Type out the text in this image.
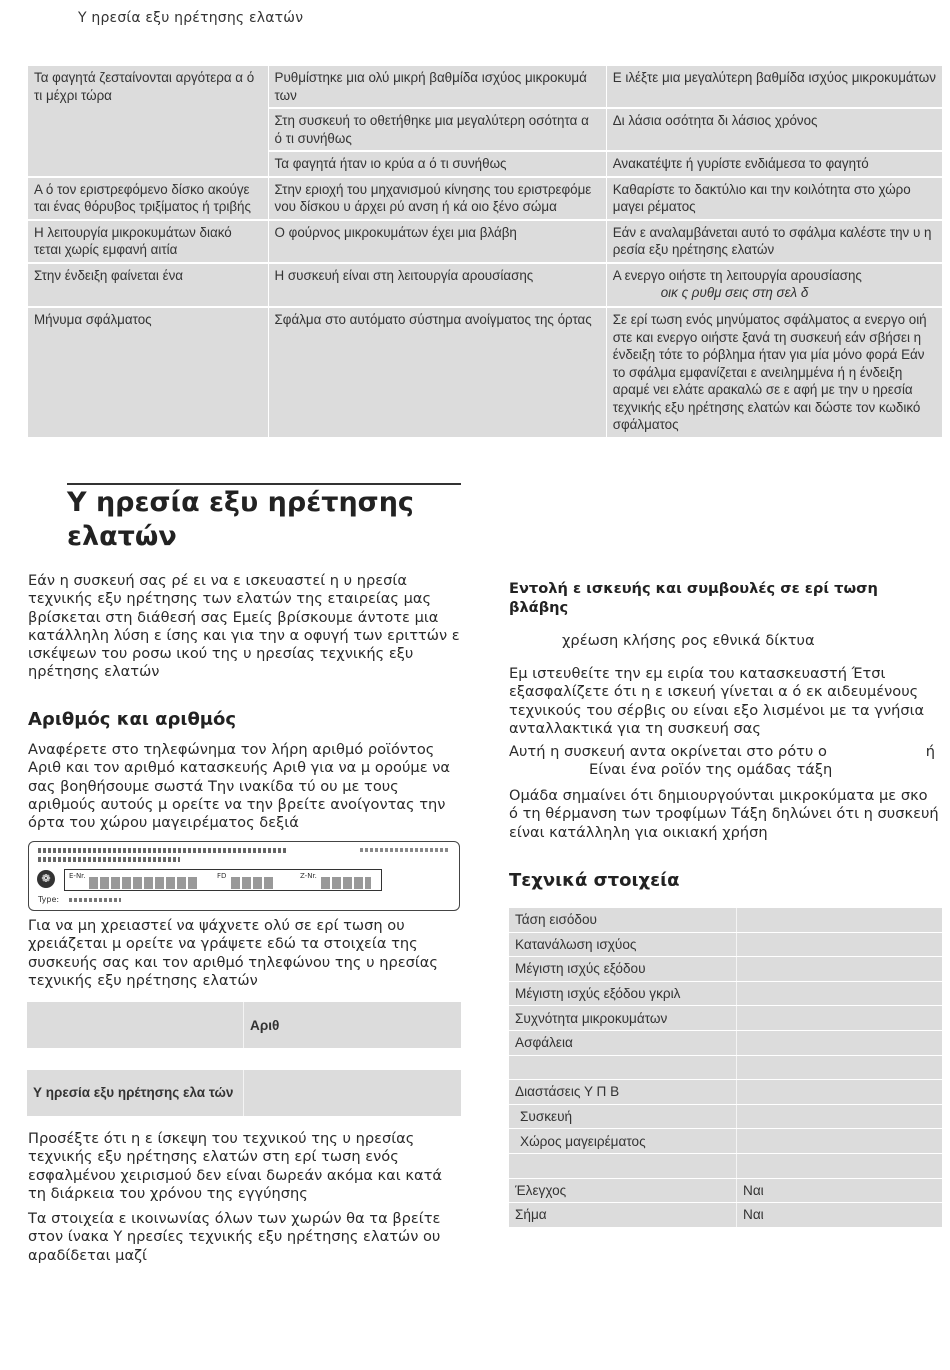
Υ ηρεσία εξυ ηρέτησης ελατών
Τα φαγητά ζεσταίνονται αργότερα α ό τι μέχρι τώρα	Ρυθμίστηκε μια ολύ μικρή βαθμίδα ισχύος μικροκυμά των	Ε ιλέξτε μια μεγαλύτερη βαθμίδα ισχύος μικροκυμάτων
	Στη συσκευή το οθετήθηκε μια μεγαλύτερη οσότητα α ό τι συνήθως	Δι λάσια οσότητα δι λάσιος χρόνος
	Τα φαγητά ήταν ιο κρύα α ό τι συνήθως	Ανακατέψτε ή γυρίστε ενδιάμεσα το φαγητό
Α ό τον εριστρεφόμενο δίσκο ακούγε ται ένας θόρυβος τριξίματος ή τριβής	Στην εριοχή του μηχανισμού κίνησης του εριστρεφόμε νου δίσκου υ άρχει ρύ ανση ή κά οιο ξένο σώμα	Καθαρίστε το δακτύλιο και την κοιλότητα στο χώρο μαγει ρέματος
Η λειτουργία μικροκυμάτων διακό τεται χωρίς εμφανή αιτία	Ο φούρνος μικροκυμάτων έχει μια βλάβη	Εάν ε αναλαμβάνεται αυτό το σφάλμα καλέστε την υ η ρεσία εξυ ηρέτησης ελατών
Στην ένδειξη φαίνεται ένα	Η συσκευή είναι στη λειτουργία αρουσίασης	Α ενεργο οιήστε τη λειτουργία αρουσίασης
οικ ς ρυθμ σεις στη σελ δ

Μήνυμα σφάλματος	Σφάλμα στο αυτόματο σύστημα ανοίγματος της όρτας	Σε ερί τωση ενός μηνύματος σφάλματος α ενεργο οιή στε και ενεργο οιήστε ξανά τη συσκευή εάν σβήσει η ένδειξη τότε το ρόβλημα ήταν για μία μόνο φορά Εάν το σφάλμα εμφανίζεται ε ανειλημμένα ή η ένδειξη αραμέ νει ελάτε αρακαλώ σε ε αφή με την υ ηρεσία τεχνικής εξυ ηρέτησης ελατών και δώστε τον κωδικό σφάλματος
Υ ηρεσία εξυ ηρέτησης ελατών
Εάν η συσκευή σας ρέ ει να ε ισκευαστεί η υ ηρεσία τεχνικής εξυ ηρέτησης των ελατών της εταιρείας μας βρίσκεται στη διάθεσή σας Εμείς βρίσκουμε άντοτε μια κατάλληλη λύση ε ίσης και για την α οφυγή των εριττών ε ισκέψεων του ροσω ικού της υ ηρεσίας τεχνικής εξυ ηρέτησης ελατών
Αριθμός και αριθμός
Αναφέρετε στο τηλεφώνημα τον λήρη αριθμό ροϊόντος Αριθ και τον αριθμό κατασκευής Αριθ για να μ ορούμε να σας βοηθήσουμε σωστά Την ινακίδα τύ ου με τους αριθμούς αυτούς μ ορείτε να την βρείτε ανοίγοντας την όρτα του χώρου μαγειρέματος δεξιά
❁	E-Nr.	FD	Z-Nr.
Type:
Για να μη χρειαστεί να ψάχνετε ολύ σε ερί τωση ου χρειάζεται μ ορείτε να γράψετε εδώ τα στοιχεία της συσκευής σας και τον αριθμό τηλεφώνου της υ ηρεσίας τεχνικής εξυ ηρέτησης ελατών
	Αριθ
Υ ηρεσία εξυ ηρέτησης ελα τών	
Προσέξτε ότι η ε ίσκεψη του τεχνικού της υ ηρεσίας τεχνικής εξυ ηρέτησης ελατών στη ερί τωση ενός εσφαλμένου χειρισμού δεν είναι δωρεάν ακόμα και κατά τη διάρκεια του χρόνου της εγγύησης
Τα στοιχεία ε ικοινωνίας όλων των χωρών θα τα βρείτε στον ίνακα Υ ηρεσίες τεχνικής εξυ ηρέτησης ελατών ου αραδίδεται μαζί
Εντολή ε ισκευής και συμβουλές σε ερί τωση βλάβης
χρέωση κλήσης ρος εθνικά δίκτυα
Εμ ιστευθείτε την εμ ειρία του κατασκευαστή Έτσι εξασφαλίζετε ότι η ε ισκευή γίνεται α ό εκ αιδευμένους τεχνικούς του σέρβις ου είναι εξο λισμένοι με τα γνήσια ανταλλακτικά για τη συσκευή σας
Αυτή η συσκευή αντα οκρίνεται στο ρότυ ο	ή

Είναι ένα ροϊόν της ομάδας τάξη
Ομάδα σημαίνει ότι δημιουργούνται μικροκύματα με σκο ό τη θέρμανση των τροφίμων Τάξη δηλώνει ότι η συσκευή είναι κατάλληλη για οικιακή χρήση
Τεχνικά στοιχεία
Τάση εισόδου	
Κατανάλωση ισχύος	
Μέγιστη ισχύς εξόδου	
Μέγιστη ισχύς εξόδου γκριλ	
Συχνότητα μικροκυμάτων	
Ασφάλεια	

Διαστάσεις Υ Π Β	
Συσκευή	
Χώρος μαγειρέματος	

Έλεγχος	Ναι
Σήμα	Ναι
